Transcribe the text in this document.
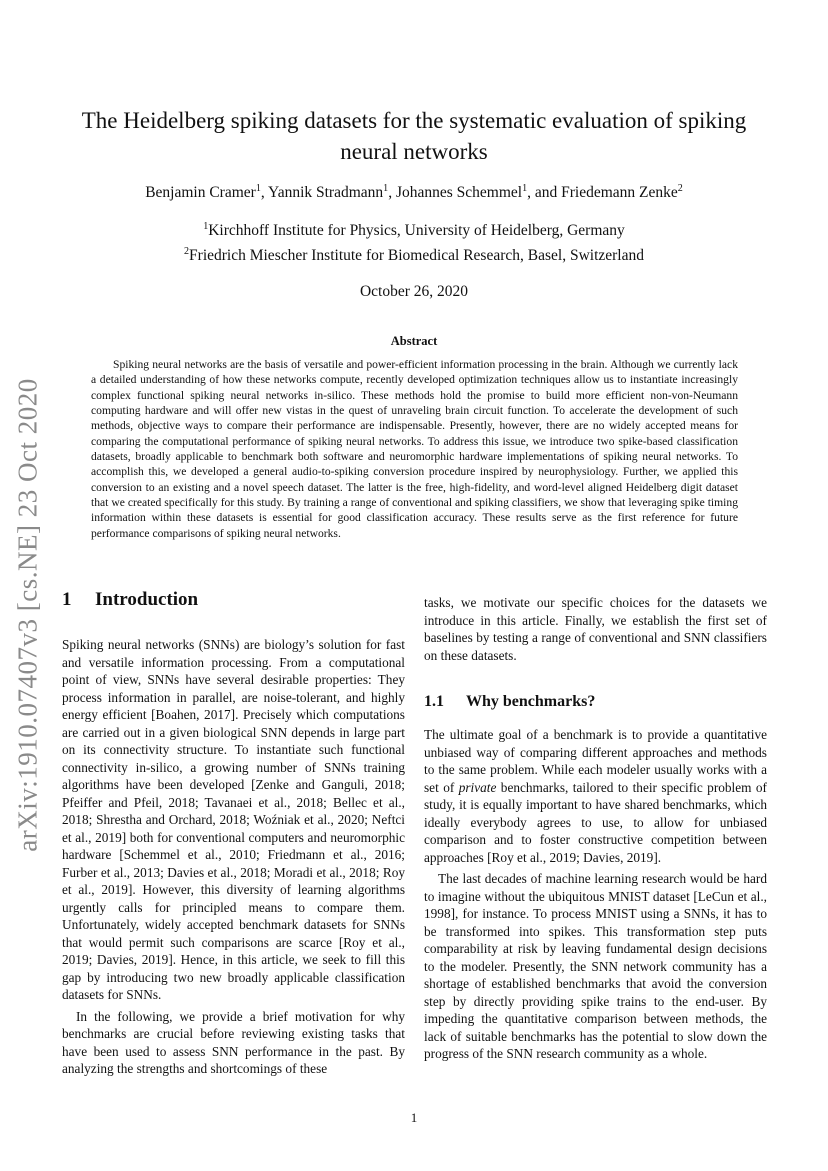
arXiv:1910.07407v3 [cs.NE] 23 Oct 2020
The Heidelberg spiking datasets for the systematic evaluation of spiking neural networks
Benjamin Cramer$^1$, Yannik Stradmann$^1$, Johannes Schemmel$^1$, and Friedemann Zenke$^2$
$^1$Kirchhoff Institute for Physics, University of Heidelberg, Germany
$^2$Friedrich Miescher Institute for Biomedical Research, Basel, Switzerland
October 26, 2020
Abstract

Spiking neural networks are the basis of versatile and power-efficient information processing in the brain. Although we currently lack a detailed understanding of how these networks compute, recently developed optimization techniques allow us to instantiate increasingly complex functional spiking neural networks in-silico. These methods hold the promise to build more efficient non-von-Neumann computing hardware and will offer new vistas in the quest of unraveling brain circuit function. To accelerate the development of such methods, objective ways to compare their performance are indispensable. Presently, however, there are no widely accepted means for comparing the computational performance of spiking neural networks. To address this issue, we introduce two spike-based classification datasets, broadly applicable to benchmark both software and neuromorphic hardware implementations of spiking neural networks. To accomplish this, we developed a general audio-to-spiking conversion procedure inspired by neurophysiology. Further, we applied this conversion to an existing and a novel speech dataset. The latter is the free, high-fidelity, and word-level aligned Heidelberg digit dataset that we created specifically for this study. By training a range of conventional and spiking classifiers, we show that leveraging spike timing information within these datasets is essential for good classification accuracy. These results serve as the first reference for future performance comparisons of spiking neural networks.

1 Introduction

Spiking neural networks (SNNs) are biology’s solution for fast and versatile information processing. From a computational point of view, SNNs have several desirable properties: They process information in parallel, are noise-tolerant, and highly energy efficient [Boahen, 2017]. Precisely which computations are carried out in a given biological SNN depends in large part on its connectivity structure. To instantiate such functional connectivity in-silico, a growing number of SNNs training algorithms have been developed [Zenke and Ganguli, 2018; Pfeiffer and Pfeil, 2018; Tavanaei et al., 2018; Bellec et al., 2018; Shrestha and Orchard, 2018; Woźniak et al., 2020; Neftci et al., 2019] both for conventional computers and neuromorphic hardware [Schemmel et al., 2010; Friedmann et al., 2016; Furber et al., 2013; Davies et al., 2018; Moradi et al., 2018; Roy et al., 2019]. However, this diversity of learning algorithms urgently calls for principled means to compare them. Unfortunately, widely accepted benchmark datasets for SNNs that would permit such comparisons are scarce [Roy et al., 2019; Davies, 2019]. Hence, in this article, we seek to fill this gap by introducing two new broadly applicable classification datasets for SNNs.

In the following, we provide a brief motivation for why benchmarks are crucial before reviewing existing tasks that have been used to assess SNN performance in the past. By analyzing the strengths and shortcomings of these

tasks, we motivate our specific choices for the datasets we introduce in this article. Finally, we establish the first set of baselines by testing a range of conventional and SNN classifiers on these datasets.

1.1 Why benchmarks?

The ultimate goal of a benchmark is to provide a quantitative unbiased way of comparing different approaches and methods to the same problem. While each modeler usually works with a set of private benchmarks, tailored to their specific problem of study, it is equally important to have shared benchmarks, which ideally everybody agrees to use, to allow for unbiased comparison and to foster constructive competition between approaches [Roy et al., 2019; Davies, 2019].

The last decades of machine learning research would be hard to imagine without the ubiquitous MNIST dataset [LeCun et al., 1998], for instance. To process MNIST using a SNNs, it has to be transformed into spikes. This transformation step puts comparability at risk by leaving fundamental design decisions to the modeler. Presently, the SNN network community has a shortage of established benchmarks that avoid the conversion step by directly providing spike trains to the end-user. By impeding the quantitative comparison between methods, the lack of suitable benchmarks has the potential to slow down the progress of the SNN research community as a whole.

1
